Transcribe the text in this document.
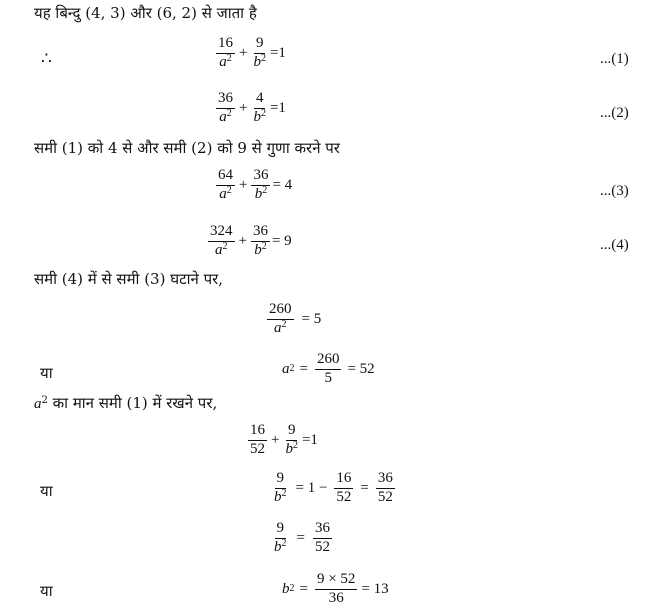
यह बिन्दु (4, 3) और (6, 2) से जाता है
∴	$\frac{16}{a^2} + \frac{9}{b^2} =1$	...(1)
$\frac{36}{a^2} + \frac{4}{b^2} =1$	...(2)
समी (1) को 4 से और समी (2) को 9 से गुणा करने पर
$\frac{64}{a^2} + \frac{36}{b^2} = 4$	...(3)
$\frac{324}{a^2} + \frac{36}{b^2} = 9$	...(4)
समी (4) में से समी (3) घटाने पर,
$\frac{260}{a^2} = 5$
या	a $2 = \frac{260}{5} = 52$
$a^2$ का मान समी (1) में रखने पर,
$\frac{16}{52} + \frac{9}{b^2} =1$
या	$\frac{9}{b^2} = 1 - \frac{16}{52} = \frac{36}{52}$
$\frac{9}{b^2} = \frac{36}{52}$
या	b $2 = \frac{9 \times 52}{36} = 13$
